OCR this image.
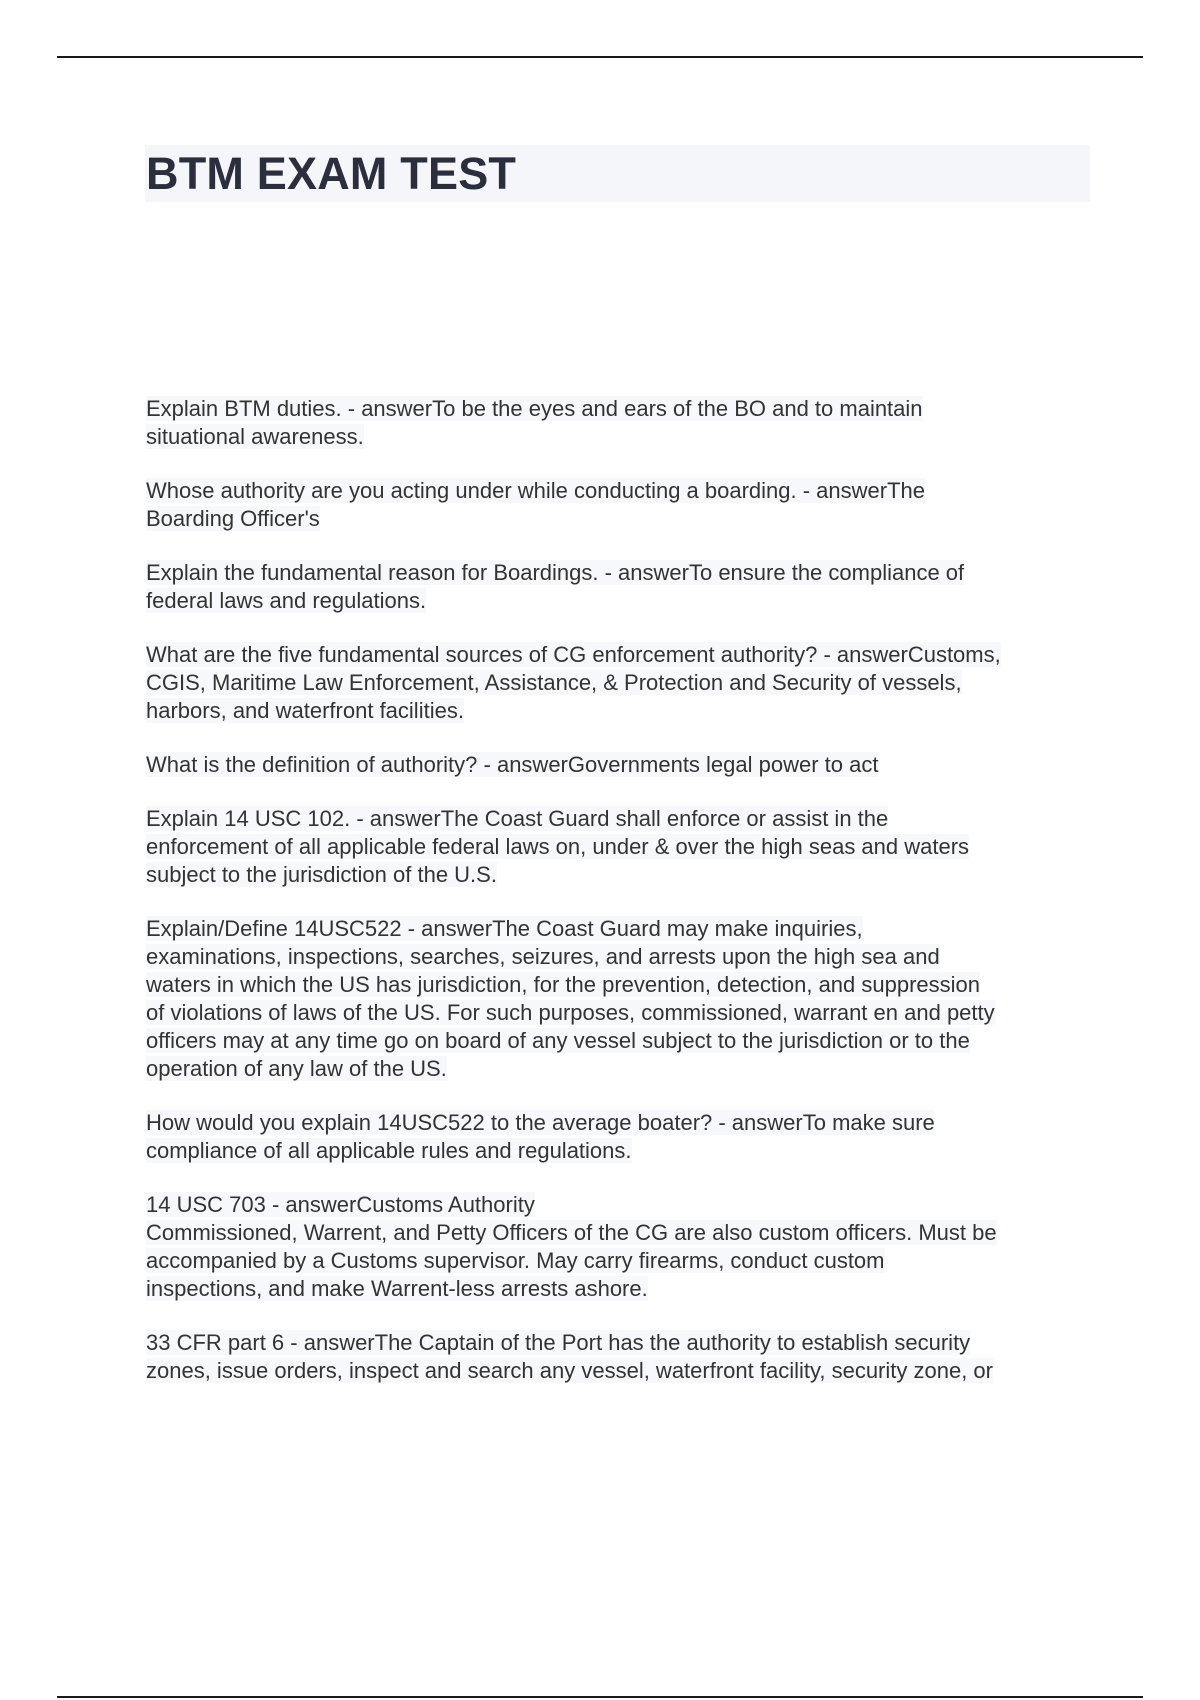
BTM EXAM TEST
Explain BTM duties. - answerTo be the eyes and ears of the BO and to maintain
situational awareness.
Whose authority are you acting under while conducting a boarding. - answerThe
Boarding Officer's
Explain the fundamental reason for Boardings. - answerTo ensure the compliance of
federal laws and regulations.
What are the five fundamental sources of CG enforcement authority? - answerCustoms,
CGIS, Maritime Law Enforcement, Assistance, & Protection and Security of vessels,
harbors, and waterfront facilities.
What is the definition of authority? - answerGovernments legal power to act
Explain 14 USC 102. - answerThe Coast Guard shall enforce or assist in the
enforcement of all applicable federal laws on, under & over the high seas and waters
subject to the jurisdiction of the U.S.
Explain/Define 14USC522 - answerThe Coast Guard may make inquiries,
examinations, inspections, searches, seizures, and arrests upon the high sea and
waters in which the US has jurisdiction, for the prevention, detection, and suppression
of violations of laws of the US. For such purposes, commissioned, warrant en and petty
officers may at any time go on board of any vessel subject to the jurisdiction or to the
operation of any law of the US.
How would you explain 14USC522 to the average boater? - answerTo make sure
compliance of all applicable rules and regulations.
14 USC 703 - answerCustoms Authority
Commissioned, Warrent, and Petty Officers of the CG are also custom officers. Must be
accompanied by a Customs supervisor. May carry firearms, conduct custom
inspections, and make Warrent-less arrests ashore.
33 CFR part 6 - answerThe Captain of the Port has the authority to establish security
zones, issue orders, inspect and search any vessel, waterfront facility, security zone, or
